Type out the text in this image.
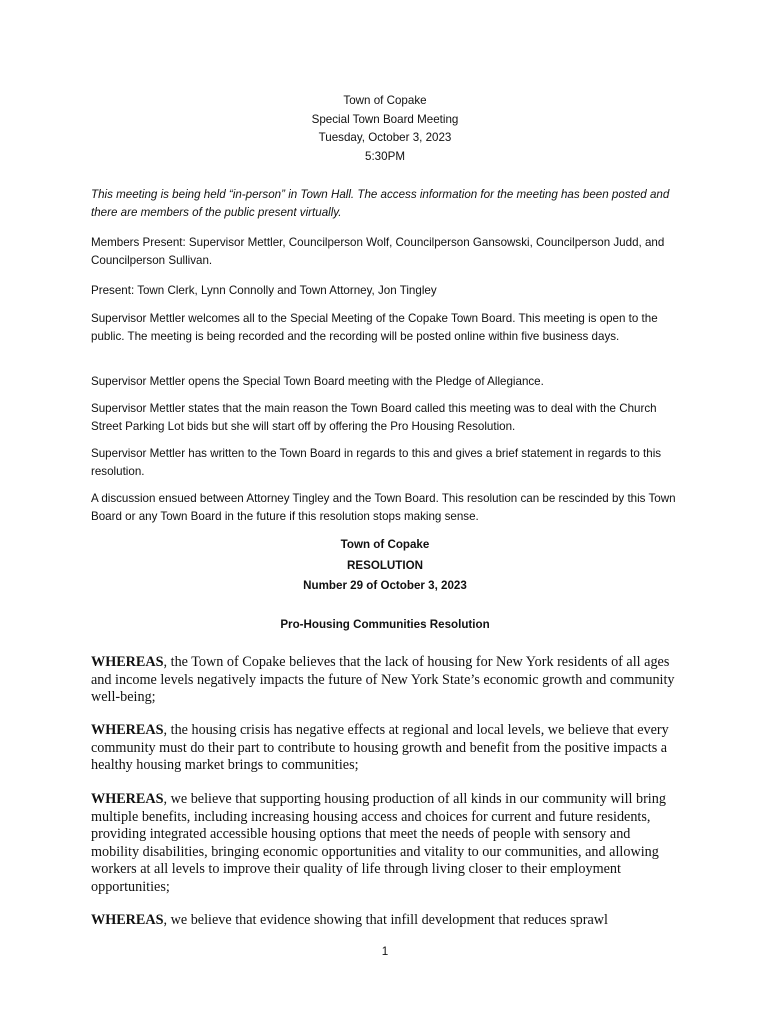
Town of Copake
Special Town Board Meeting
Tuesday, October 3, 2023
5:30PM

This meeting is being held “in-person” in Town Hall. The access information for the meeting has been posted and there are members of the public present virtually.

Members Present: Supervisor Mettler, Councilperson Wolf, Councilperson Gansowski, Councilperson Judd, and Councilperson Sullivan.

Present: Town Clerk, Lynn Connolly and Town Attorney, Jon Tingley

Supervisor Mettler welcomes all to the Special Meeting of the Copake Town Board. This meeting is open to the public. The meeting is being recorded and the recording will be posted online within five business days.

Supervisor Mettler opens the Special Town Board meeting with the Pledge of Allegiance.

Supervisor Mettler states that the main reason the Town Board called this meeting was to deal with the Church Street Parking Lot bids but she will start off by offering the Pro Housing Resolution.

Supervisor Mettler has written to the Town Board in regards to this and gives a brief statement in regards to this resolution.

A discussion ensued between Attorney Tingley and the Town Board. This resolution can be rescinded by this Town Board or any Town Board in the future if this resolution stops making sense.

Town of Copake
RESOLUTION
Number 29 of October 3, 2023
Pro-Housing Communities Resolution

WHEREAS, the Town of Copake believes that the lack of housing for New York residents of all ages and income levels negatively impacts the future of New York State’s economic growth and community well-being;

WHEREAS, the housing crisis has negative effects at regional and local levels, we believe that every community must do their part to contribute to housing growth and benefit from the positive impacts a healthy housing market brings to communities;

WHEREAS, we believe that supporting housing production of all kinds in our community will bring multiple benefits, including increasing housing access and choices for current and future residents, providing integrated accessible housing options that meet the needs of people with sensory and mobility disabilities, bringing economic opportunities and vitality to our communities, and allowing workers at all levels to improve their quality of life through living closer to their employment opportunities;

WHEREAS, we believe that evidence showing that infill development that reduces sprawl

1
